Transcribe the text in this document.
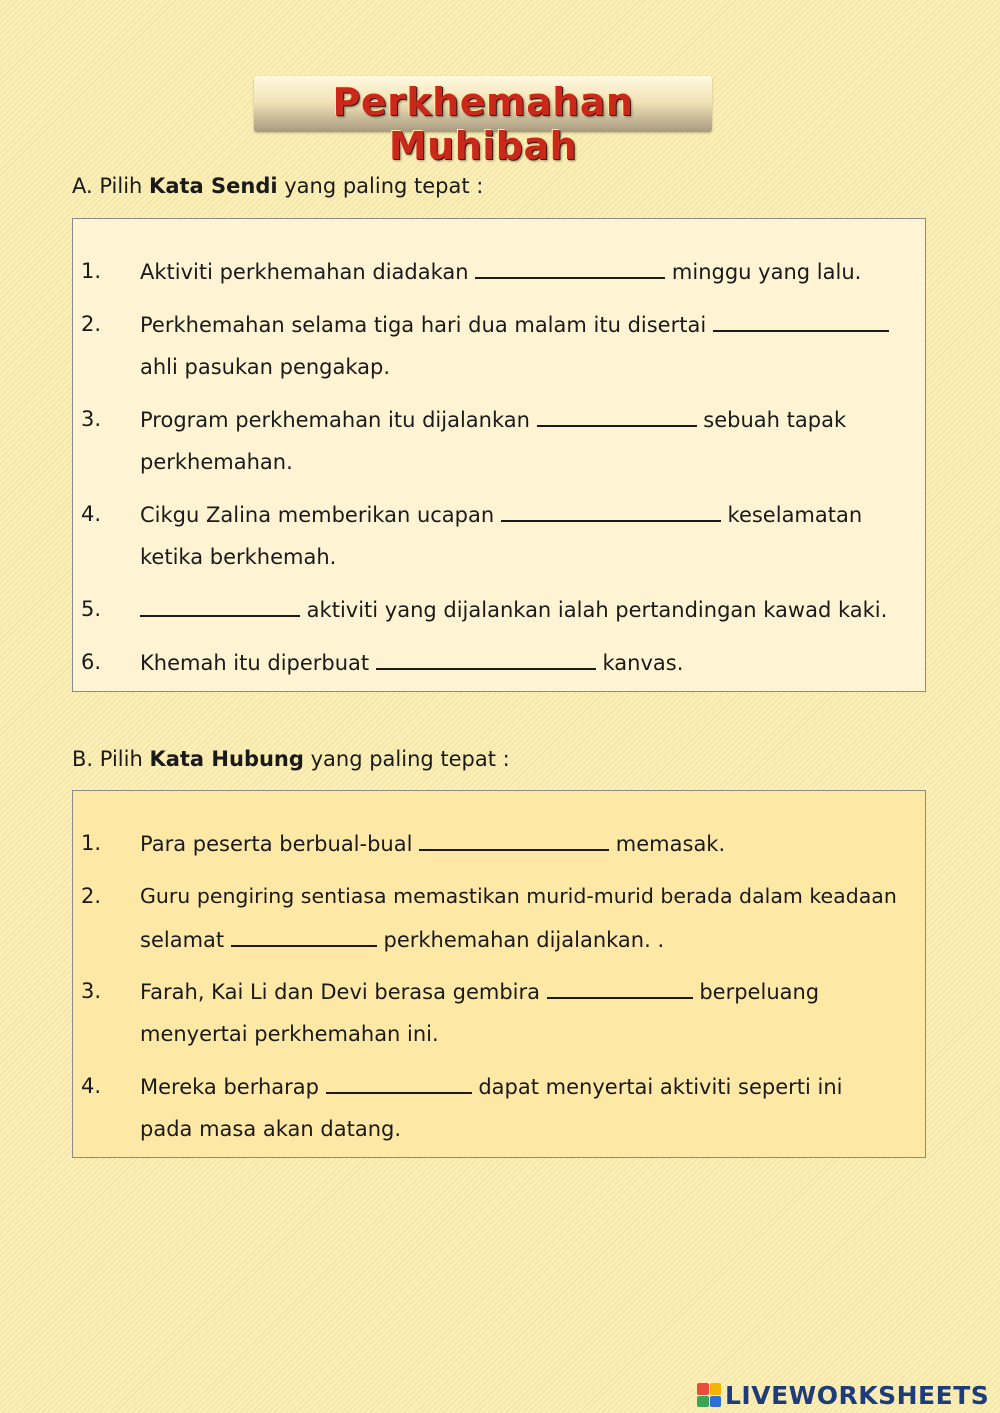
Perkhemahan Muhibah
A. Pilih Kata Sendi yang paling tepat :
1. Aktiviti perkhemahan diadakan	minggu yang lalu.
2. Perkhemahan selama tiga hari dua malam itu disertai
ahli pasukan pengakap.
3. Program perkhemahan itu dijalankan	sebuah tapak
perkhemahan.
4. Cikgu Zalina memberikan ucapan	keselamatan
ketika berkhemah.
5.	aktiviti yang dijalankan ialah pertandingan kawad kaki.
6. Khemah itu diperbuat	kanvas.
B. Pilih Kata Hubung yang paling tepat :
1. Para peserta berbual-bual	memasak.
2. Guru pengiring sentiasa memastikan murid-murid berada dalam keadaan
selamat	perkhemahan dijalankan. .
3. Farah, Kai Li dan Devi berasa gembira	berpeluang
menyertai perkhemahan ini.
4. Mereka berharap	dapat menyertai aktiviti seperti ini
pada masa akan datang.
LIVEWORKSHEETS
